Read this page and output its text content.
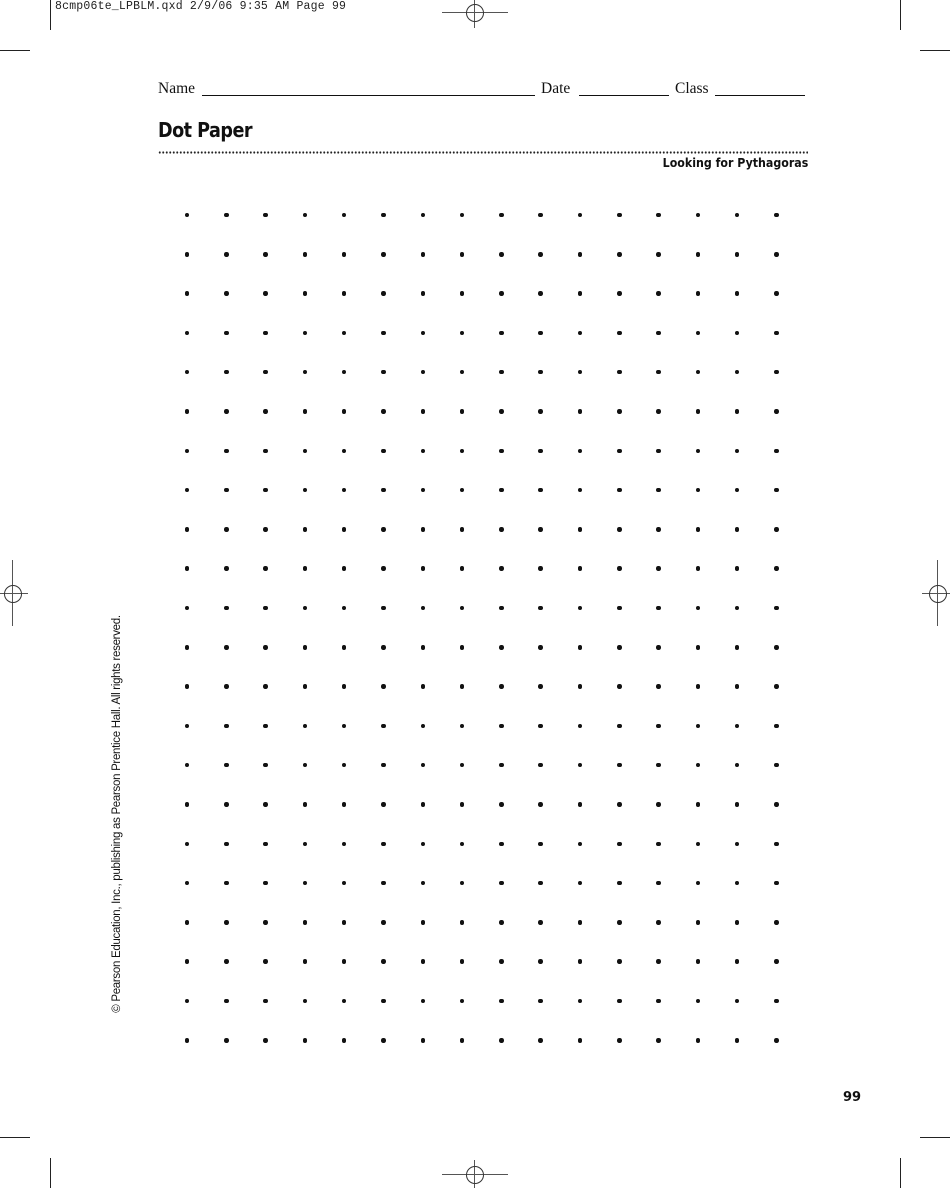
8cmp06te_LPBLM.qxd 2/9/06 9:35 AM Page 99
Name	Date	Class
Dot Paper
Looking for Pythagoras
© Pearson Education, Inc., publishing as Pearson Prentice Hall. All rights reserved.
99
